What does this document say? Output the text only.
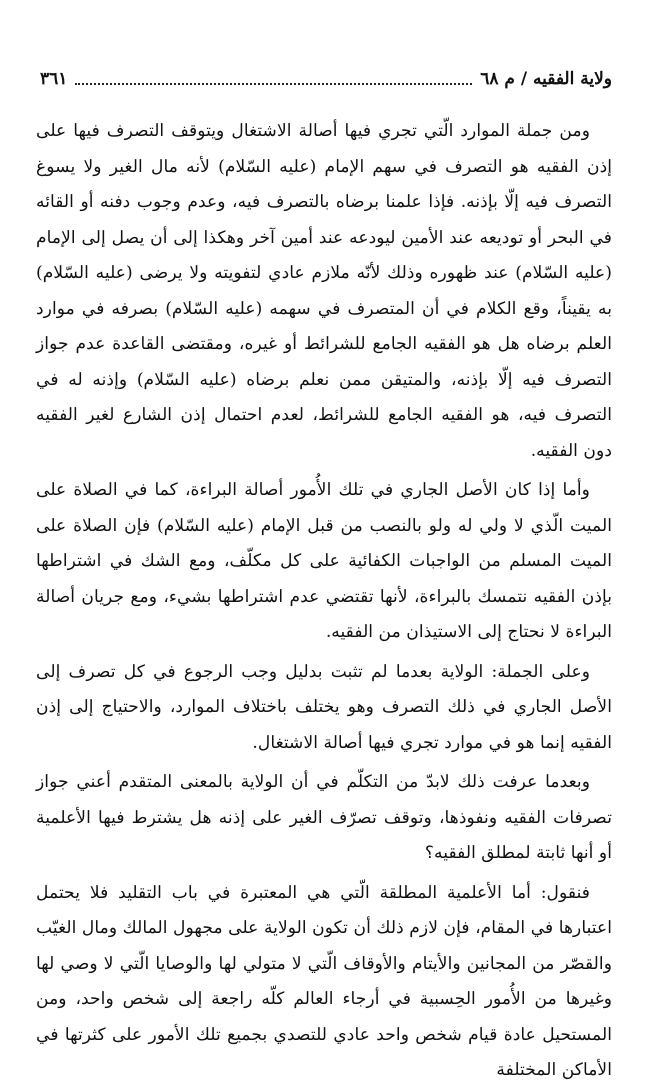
ولاية الفقيه / م ٦٨
٣٦١

ومن جملة الموارد الّتي تجري فيها أصالة الاشتغال ويتوقف التصرف فيها على إذن الفقيه هو التصرف في سهم الإمام (عليه السّلام) لأنه مال الغير ولا يسوغ التصرف فيه إلّا بإذنه. فإذا علمنا برضاه بالتصرف فيه، وعدم وجوب دفنه أو القائه في البحر أو توديعه عند الأمين ليودعه عند أمين آخر وهكذا إلى أن يصل إلى الإمام (عليه السّلام) عند ظهوره وذلك لأنّه ملازم عادي لتفويته ولا يرضى (عليه السّلام) به يقيناً، وقع الكلام في أن المتصرف في سهمه (عليه السّلام) بصرفه في موارد العلم برضاه هل هو الفقيه الجامع للشرائط أو غيره، ومقتضى القاعدة عدم جواز التصرف فيه إلّا بإذنه، والمتيقن ممن نعلم برضاه (عليه السّلام) وإذنه له في التصرف فيه، هو الفقيه الجامع للشرائط، لعدم احتمال إذن الشارع لغير الفقيه دون الفقيه.

وأما إذا كان الأصل الجاري في تلك الأُمور أصالة البراءة، كما في الصلاة على الميت الّذي لا ولي له ولو بالنصب من قبل الإمام (عليه السّلام) فإن الصلاة على الميت المسلم من الواجبات الكفائية على كل مكلّف، ومع الشك في اشتراطها بإذن الفقيه نتمسك بالبراءة، لأنها تقتضي عدم اشتراطها بشيء، ومع جريان أصالة البراءة لا نحتاج إلى الاستيذان من الفقيه.

وعلى الجملة: الولاية بعدما لم تثبت بدليل وجب الرجوع في كل تصرف إلى الأصل الجاري في ذلك التصرف وهو يختلف باختلاف الموارد، والاحتياج إلى إذن الفقيه إنما هو في موارد تجري فيها أصالة الاشتغال.

وبعدما عرفت ذلك لابدّ من التكلّم في أن الولاية بالمعنى المتقدم أعني جواز تصرفات الفقيه ونفوذها، وتوقف تصرّف الغير على إذنه هل يشترط فيها الأعلمية أو أنها ثابتة لمطلق الفقيه؟

فنقول: أما الأعلمية المطلقة الّتي هي المعتبرة في باب التقليد فلا يحتمل اعتبارها في المقام، فإن لازم ذلك أن تكون الولاية على مجهول المالك ومال الغيّب والقصّر من المجانين والأيتام والأوقاف الّتي لا متولي لها والوصايا الّتي لا وصي لها وغيرها من الأُمور الحِسبية في أرجاء العالم كلّه راجعة إلى شخص واحد، ومن المستحيل عادة قيام شخص واحد عادي للتصدي بجميع تلك الأمور على كثرتها في الأماكن المختلفة
